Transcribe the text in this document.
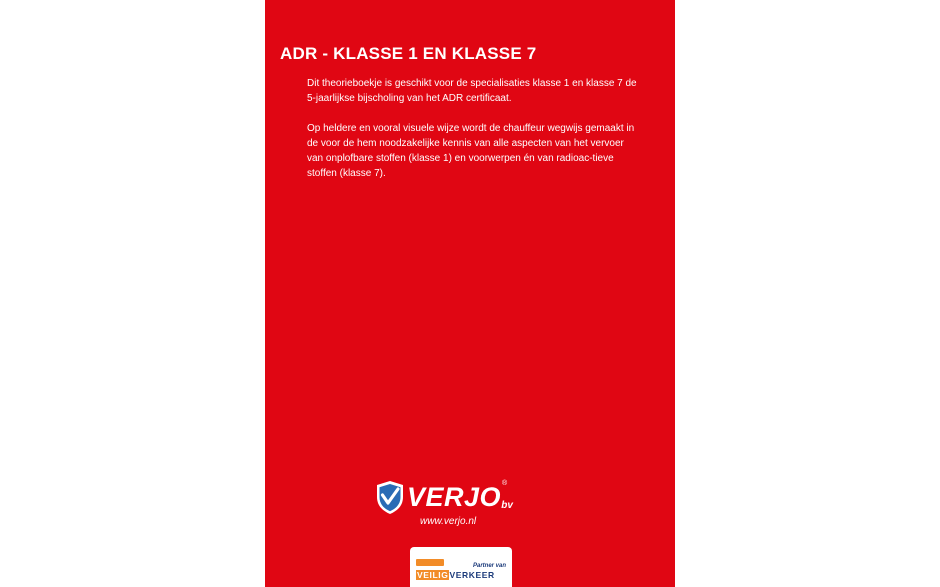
ADR - KLASSE 1 EN KLASSE 7

Dit theorieboekje is geschikt voor de specialisaties klasse 1 en klasse 7 de 5-jaarlijkse bijscholing van het ADR certificaat.

Op heldere en vooral visuele wijze wordt de chauffeur wegwijs gemaakt in de voor de hem noodzakelijke kennis van alle aspecten van het vervoer van onplofbare stoffen (klasse 1) en voorwerpen én van radioac-tieve stoffen (klasse 7).

VERJO ®
bv
www.verjo.nl
Partner van
VEILIGVERKEER
